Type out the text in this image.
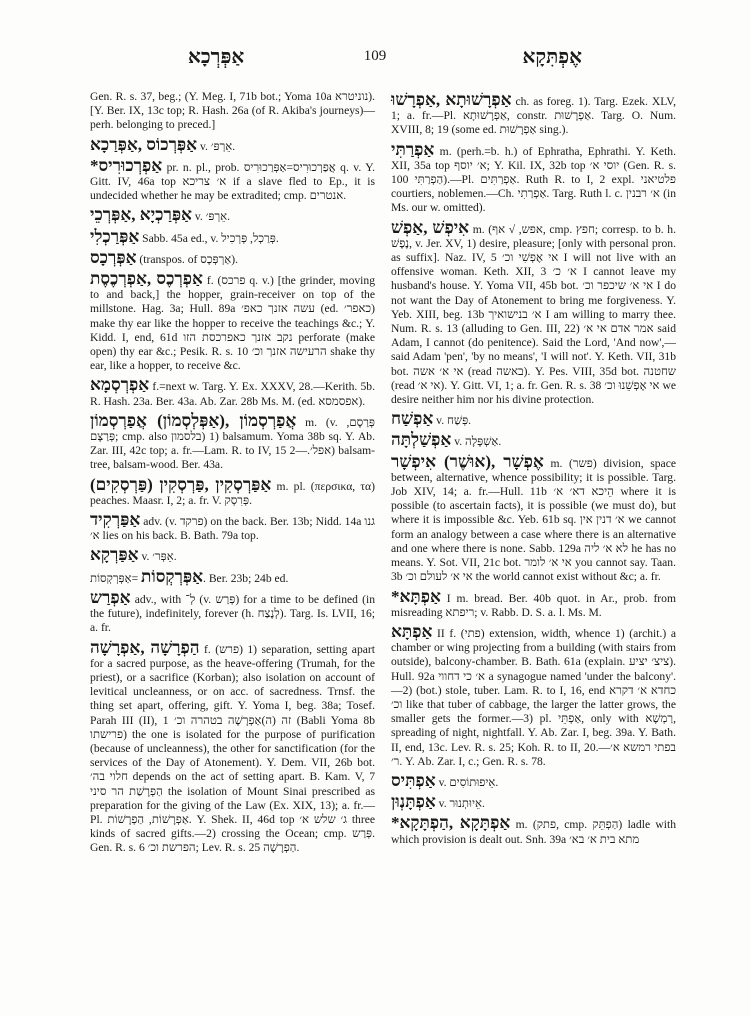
אַפְּרְכָא	109	אֶפְתִּקָא

Gen. R. s. 37, beg.; (Y. Meg. I, 71b bot.; Yoma 10a נוניטרא). [Y. Ber. IX, 13c top; R. Hash. 26a (of R. Akiba's journeys)—perh. belonging to preced.]

אַפְּרְכוֹס ,אַפְּרַכָא v. אֵרְפּ׳.

*אַפְרְכוּרִיס pr. n. pl., prob. אֲפַרְכוּרִיס=אַפְּרַכוּרִיס q. v. Y. Gitt. IV, 46a top א׳ צריכא if a slave fled to Ep., it is undecided whether he may be extradited; cmp. אנטרים.

אַפְּרַכְיָא ,אַפְּרְכֵי v. אֵרְפּ׳.

אַפְּרַכְלִי Sabb. 45a ed., v. פְּרַכְל, פְּרְכִיל.

אַפְּרְכָס (transpos. of אַרְפְּכָס).

אַפְרְכֶס ,אַפְרְכֶסֶת f. (פרכס q. v.) [the grinder, moving to and back,] the hopper, grain-receiver on top of the millstone. Hag. 3a; Hull. 89a עשה אזנך כאפ׳ (ed. כאפר׳) make thy ear like the hopper to receive the teachings &c.; Y. Kidd. I, end, 61d נקב אזנך כאפרכסת הזו perforate (make open) thy ear &c.; Pesik. R. s. 10 הרעישה אזנך וכ׳ shake thy ear, like a hopper, to receive &c.

אַפְרְסְמָא f.=next w. Targ. Y. Ex. XXXV, 28.—Kerith. 5b. R. Hash. 23a. Ber. 43a. Ab. Zar. 28b Ms. M. (ed. אפסמסא).

אֲפַרְסְמוֹן ,(אַפְּלְסְמוֹן) אֲפַרְסְמוֹן m. (v. פְּרַסָם, פְּרַצָּם; cmp. also בלסמון) 1) balsamum. Yoma 38b sq. Y. Ab. Zar. III, 42c top; a. fr.—Lam. R. to IV, 15 אפל׳.—2) balsam-tree, balsam-wood. Ber. 43a.

(פַּרְסְקִים) אַפַּרְסְקִין ,פַּרְסְקִין m. pl. (περσικα, τα) peaches. Maasr. I, 2; a. fr. V. פְּרִסְק.

אַפַּרְקִיד adv. (v. פרקד) on the back. Ber. 13b; Nidd. 14a גנו א׳ lies on his back. B. Bath. 79a top.

אַפַּרְקָא v. אֵפְּר׳.

אַפְּרְקְסוֹת =אַפְּרְקְסוֹת. Ber. 23b; 24b ed.

אַפְרַש adv., with לְ־ (v. פְּרַש) for a time to be defined (in the future), indefinitely, forever (h. לְנֶצַח). Targ. Is. LVII, 16; a. fr.

הַפְרָשָׁה ,אַפְרָשָׁה f. (פרש) 1) separation, setting apart for a sacred purpose, as the heave-offering (Trumah, for the priest), or a sacrifice (Korban); also isolation on account of levitical uncleanness, or on acc. of sacredness. Trnsf. the thing set apart, offering, gift. Y. Yoma I, beg. 38a; Tosef. Parah III (II), 1 זה (ה)אַפְרָשָׁה בטהרה וכ׳ (Babli Yoma 8b פרישתו) the one is isolated for the purpose of purification (because of uncleanness), the other for sanctification (for the services of the Day of Atonement). Y. Dem. VII, 26b bot. חלוי בה׳ depends on the act of setting apart. B. Kam. V, 7 הַפְרָשַׁת הר סיני the isolation of Mount Sinai prescribed as preparation for the giving of the Law (Ex. XIX, 13); a. fr.—Pl. אַפְרָשׁוֹת, הַפְרָשׁוֹת. Y. Shek. II, 46d top ג׳ שלש א׳ three kinds of sacred gifts.—2) crossing the Ocean; cmp. פְּרַש. Gen. R. s. 6 הפרשת וכ׳; Lev. R. s. 25 הַפְרָשָׁה.

אַפְרָשׁוּתָא ,אַפְרָשׁוּ ch. as foreg. 1). Targ. Ezek. XLV, 1; a. fr.—Pl. אַפְרָשׁוּתָא, constr. אַפְרָשׁוּת. Targ. O. Num. XVIII, 8; 19 (some ed. אַפְרָשׁוּת sing.).

אַפְרַתִּי m. (perh.=b. h.) of Ephratha, Ephrathi. Y. Keth. XII, 35a top א׳ יוסף; Y. Kil. IX, 32b top יוסי א׳ (Gen. R. s. 100 הַפְרַתִּי).—Pl. אַפְרַתִּים. Ruth R. to I, 2 expl. פלטיאני courtiers, noblemen.—Ch. אַפְרַתִי. Targ. Ruth l. c. א׳ רבנין (in Ms. our w. omitted).

אִיפְשׁ ,אַפְשׁ m. (אפש, √ אף, cmp. חפץ; corresp. to b. h. נֶפֶשׁ, v. Jer. XV, 1) desire, pleasure; [only with personal pron. as suffix]. Naz. IV, 5 אי אֶפְשִׁי וכ׳ I will not live with an offensive woman. Keth. XII, 3 א׳ כ׳ I cannot leave my husband's house. Y. Yoma VII, 45b bot. אי א׳ שיכפר וכ׳ I do not want the Day of Atonement to bring me forgiveness. Y. Yeb. XIII, beg. 13b א׳ בנישואיך I am willing to marry thee. Num. R. s. 13 (alluding to Gen. III, 22) אמר אדם אי א׳ said Adam, I cannot (do penitence). Said the Lord, 'And now',—said Adam 'pen', 'by no means', 'I will not'. Y. Keth. VII, 31b bot. אי א׳ אשה (read באשה). Y. Pes. VIII, 35d bot. שחטנה (read אי א׳). Y. Gitt. VI, 1; a. fr. Gen. R. s. 38 אי אֶפְשֵׁנוּ וכ׳ we desire neither him nor his divine protection.

אַפְשַׁח v. פְּשַׁח.

אַפְשַׁלְתָּה v. אַשְׁפָּלָה.

אֶפְשָׁר ,(אוּשֶׁר) אִיפְשָׁר m. (פשר) division, space between, alternative, whence possibility; it is possible. Targ. Job XIV, 14; a. fr.—Hull. 11b הֵיכא דא׳ א׳ where it is possible (to ascertain facts), it is possible (we must do), but where it is impossible &c. Yeb. 61b sq. א׳ דנין אין we cannot form an analogy between a case where there is an alternative and one where there is none. Sabb. 129a לא א׳ ליה he has no means. Y. Sot. VII, 21c bot. אי א׳ לומר you cannot say. Taan. 3b אי א׳ לעולם וכ׳ the world cannot exist without &c; a. fr.

*אַפְתָּא I m. bread. Ber. 40b quot. in Ar., prob. from misreading ריפתא; v. Rabb. D. S. a. l. Ms. M.

אַפְתָּא II f. (פתי) extension, width, whence 1) (archit.) a chamber or wing projecting from a building (with stairs from outside), balcony-chamber. B. Bath. 61a (explain. ציצ׳ יציע). Hull. 92a א׳ כי דחווי a synagogue named 'under the balcony'.—2) (bot.) stole, tuber. Lam. R. to I, 16, end כחדא א׳ דקרא וכ׳ like that tuber of cabbage, the larger the latter grows, the smaller gets the former.—3) pl. אַפְתֵּי, only with רַמְשָׁא, spreading of night, nightfall. Y. Ab. Zar. I, beg. 39a. Y. Bath. II, end, 13c. Lev. R. s. 25; Koh. R. to II, 20.—בפתי רמשא א׳ ר׳. Y. Ab. Zar. I, c.; Gen. R. s. 78.

אַפְתִּיס v. אֵיפוּתוֹסִים.

אַפְתָּנְוּן v. אֵיוּתְנוּר.

*אַפְתָּקָא ,הַפְתָּקָא m. (פתק, cmp. הַפְתֵּק) ladle with which provision is dealt out. Snh. 39a מתא בית א׳ בא׳
